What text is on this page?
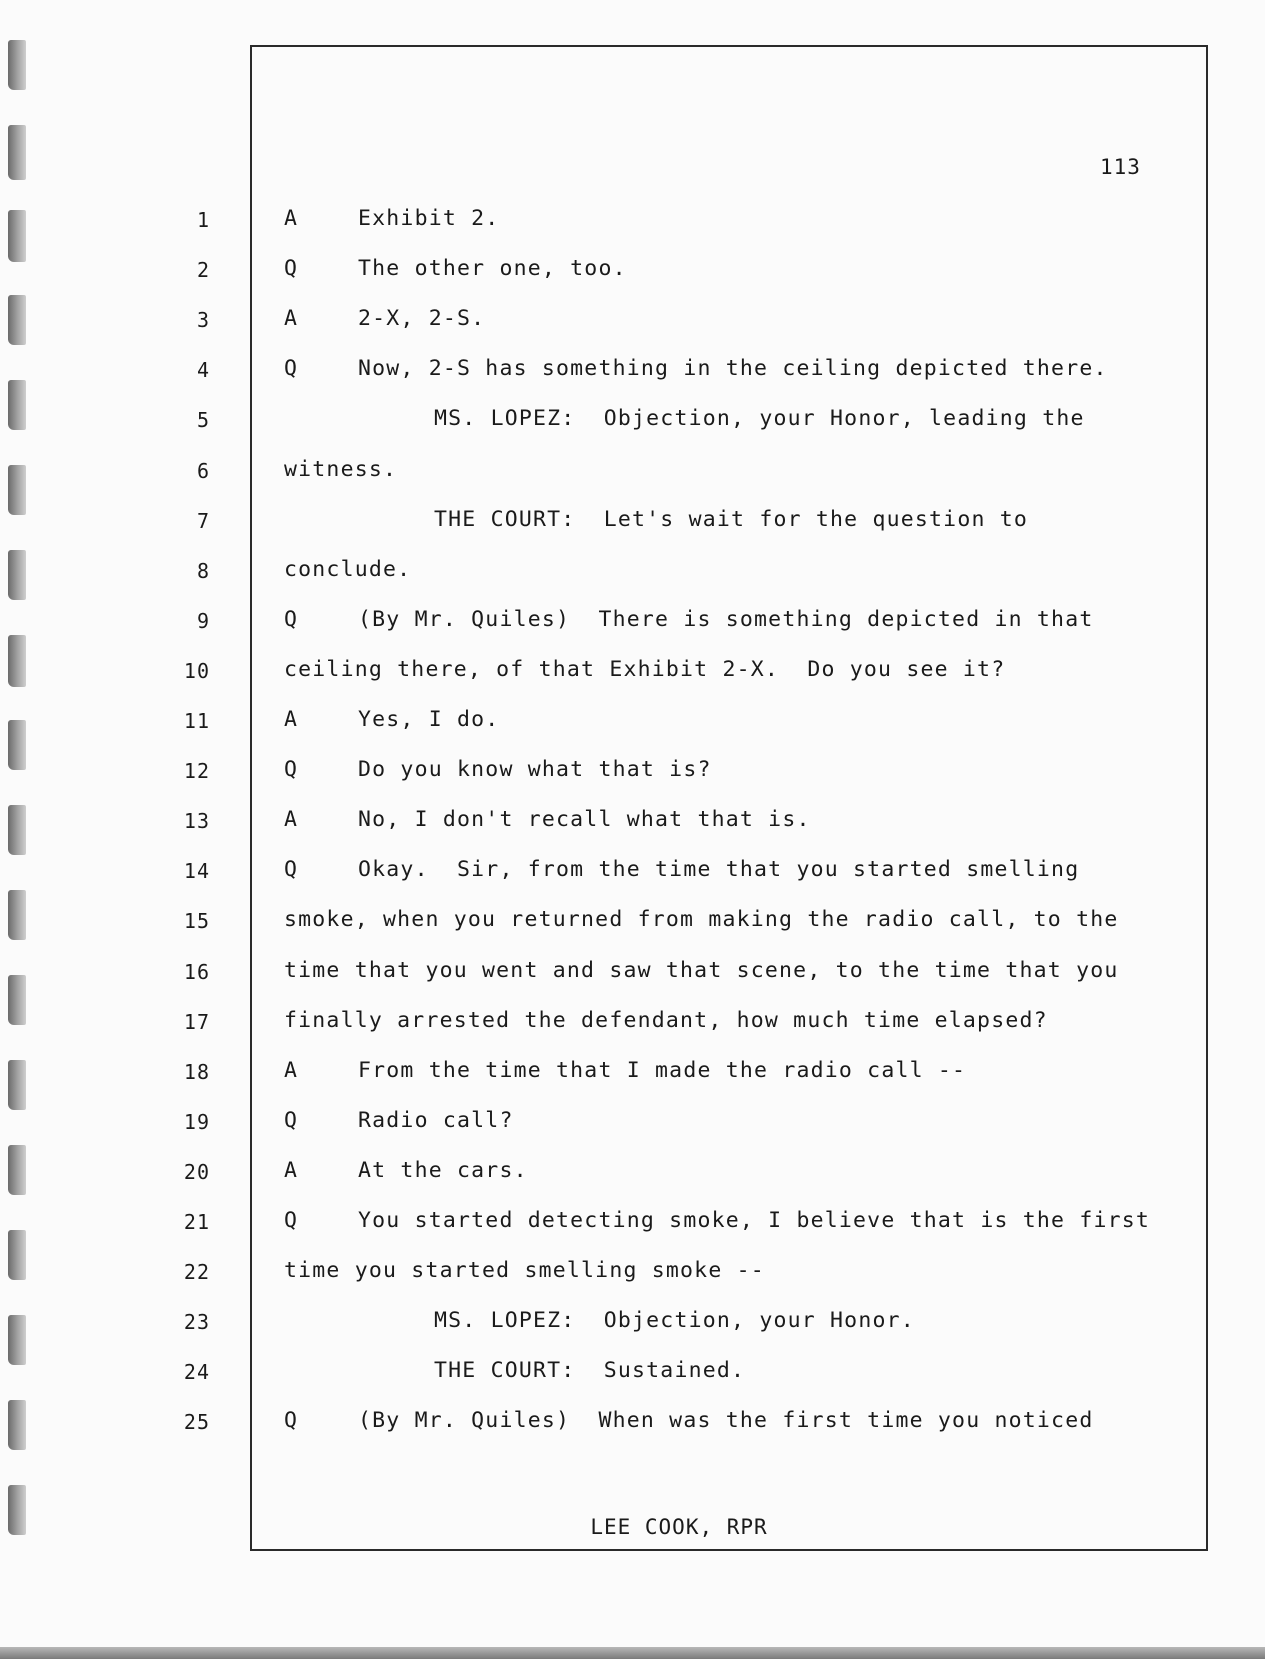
113
1	A	Exhibit 2.
2	Q	The other one, too.
3	A	2-X, 2-S.
4	Q	Now, 2-S has something in the ceiling depicted there.
5	MS. LOPEZ:  Objection, your Honor, leading the
6	witness.
7	THE COURT:  Let's wait for the question to
8	conclude.
9	Q	(By Mr. Quiles)  There is something depicted in that
10	ceiling there, of that Exhibit 2-X.  Do you see it?
11	A	Yes, I do.
12	Q	Do you know what that is?
13	A	No, I don't recall what that is.
14	Q	Okay.  Sir, from the time that you started smelling
15	smoke, when you returned from making the radio call, to the
16	time that you went and saw that scene, to the time that you
17	finally arrested the defendant, how much time elapsed?
18	A	From the time that I made the radio call --
19	Q	Radio call?
20	A	At the cars.
21	Q	You started detecting smoke, I believe that is the first
22	time you started smelling smoke --
23	MS. LOPEZ:  Objection, your Honor.
24	THE COURT:  Sustained.
25	Q	(By Mr. Quiles)  When was the first time you noticed
LEE COOK, RPR
